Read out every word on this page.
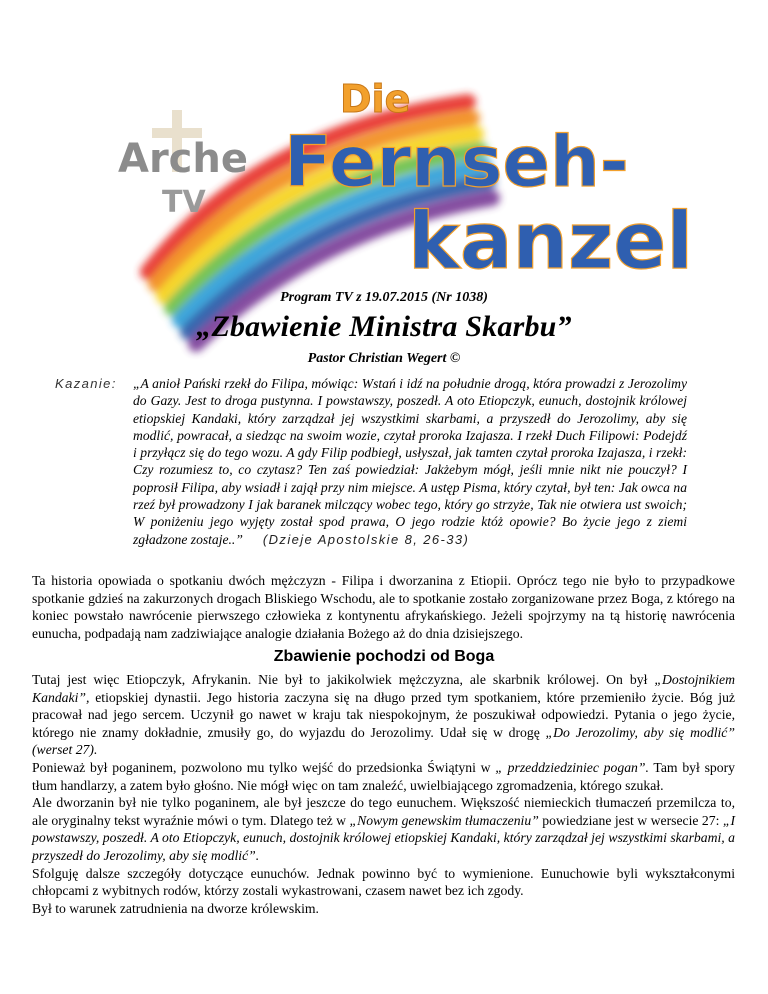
Arche
TV
Die
Fernseh-
kanzel
Program TV z 19.07.2015 (Nr 1038)
„Zbawienie Ministra Skarbu”
Pastor Christian Wegert ©
Kazanie: „A anioł Pański rzekł do Filipa, mówiąc: Wstań i idź na południe drogą, która prowadzi z Jerozolimy do Gazy. Jest to droga pustynna. I powstawszy, poszedł. A oto Etiopczyk, eunuch, dostojnik królowej etiopskiej Kandaki, który zarządzał jej wszystkimi skarbami, a przyszedł do Jerozolimy, aby się modlić, powracał, a siedząc na swoim wozie, czytał proroka Izajasza. I rzekł Duch Filipowi: Podejdź i przyłącz się do tego wozu. A gdy Filip podbiegł, usłyszał, jak tamten czytał proroka Izajasza, i rzekł: Czy rozumiesz to, co czytasz? Ten zaś powiedział: Jakżebym mógł, jeśli mnie nikt nie pouczył? I poprosił Filipa, aby wsiadł i zajął przy nim miejsce. A ustęp Pisma, który czytał, był ten: Jak owca na rzeź był prowadzony I jak baranek milczący wobec tego, który go strzyże, Tak nie otwiera ust swoich; W poniżeniu jego wyjęty został spod prawa, O jego rodzie któż opowie? Bo życie jego z ziemi zgładzone zostaje..” (Dzieje Apostolskie 8, 26-33)
Ta historia opowiada o spotkaniu dwóch mężczyzn - Filipa i dworzanina z Etiopii. Oprócz tego nie było to przypadkowe spotkanie gdzieś na zakurzonych drogach Bliskiego Wschodu, ale to spotkanie zostało zorganizowane przez Boga, z którego na koniec powstało nawrócenie pierwszego człowieka z kontynentu afrykańskiego. Jeżeli spojrzymy na tą historię nawrócenia eunucha, podpadają nam zadziwiające analogie działania Bożego aż do dnia dzisiejszego.
Zbawienie pochodzi od Boga

Tutaj jest więc Etiopczyk, Afrykanin. Nie był to jakikolwiek mężczyzna, ale skarbnik królowej. On był „Dostojnikiem Kandaki”, etiopskiej dynastii. Jego historia zaczyna się na długo przed tym spotkaniem, które przemieniło życie. Bóg już pracował nad jego sercem. Uczynił go nawet w kraju tak niespokojnym, że poszukiwał odpowiedzi. Pytania o jego życie, którego nie znamy dokładnie, zmusiły go, do wyjazdu do Jerozolimy. Udał się w drogę „Do Jerozolimy, aby się modlić” (werset 27).

Ponieważ był poganinem, pozwolono mu tylko wejść do przedsionka Świątyni w „ przeddziedziniec pogan”. Tam był spory tłum handlarzy, a zatem było głośno. Nie mógł więc on tam znaleźć, uwielbiającego zgromadzenia, którego szukał.

Ale dworzanin był nie tylko poganinem, ale był jeszcze do tego eunuchem. Większość niemieckich tłumaczeń przemilcza to, ale oryginalny tekst wyraźnie mówi o tym. Dlatego też w „Nowym genewskim tłumaczeniu” powiedziane jest w wersecie 27: „I powstawszy, poszedł. A oto Etiopczyk, eunuch, dostojnik królowej etiopskiej Kandaki, który zarządzał jej wszystkimi skarbami, a przyszedł do Jerozolimy, aby się modlić”.

Sfolguję dalsze szczegóły dotyczące eunuchów. Jednak powinno być to wymienione. Eunuchowie byli wykształconymi chłopcami z wybitnych rodów, którzy zostali wykastrowani, czasem nawet bez ich zgody.

Był to warunek zatrudnienia na dworze królewskim.
